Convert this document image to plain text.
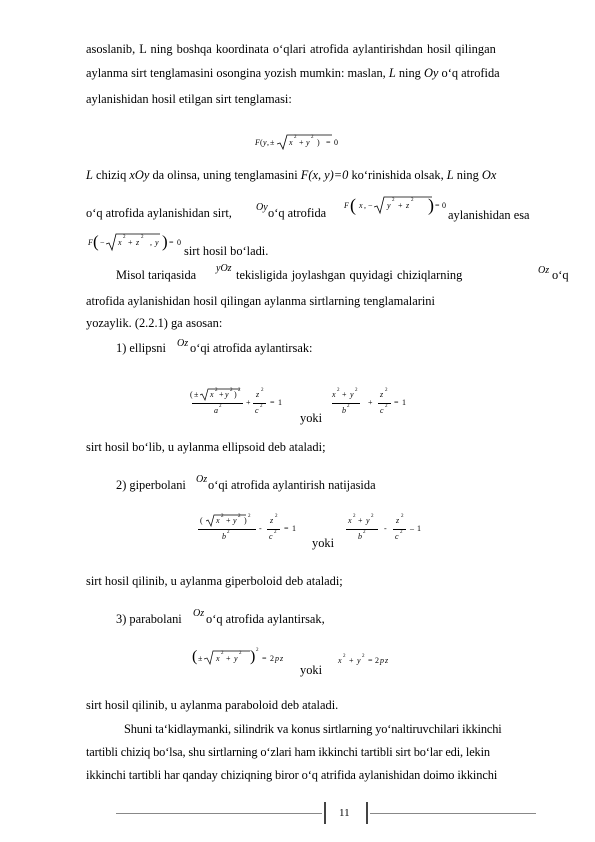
asoslanib, L ning boshqa koordinata o‘qlari atrofida aylantirishdan hosil qilingan
aylanma sirt tenglamasini osongina yozish mumkin: maslan, L ning Oy o‘q atrofida
aylanishidan hosil etilgan sirt tenglamasi:
F ( y , ± x
2
+ y
2
) = 0
L chiziq xOy da olinsa, uning tenglamasini F(x, y)=0 ko‘rinishida olsak, L ning Ox
o‘q atrofida aylanishidan sirt, Oy o‘q atrofida
F ( x , − y
2
+ z
2 ) = 0
aylanishidan esa
F ( − x
2
+ z
2
, y ) = 0
sirt hosil bo‘ladi.
Misol tariqasida yOz tekisligida joylashgan quyidagi chiziqlarning	Oz o‘q
atrofida aylanishidan hosil qilingan aylanma sirtlarning tenglamalarini
yozaylik. (2.2.1) ga asosan:
1) ellipsni Oz o‘qi atrofida aylantirsak:
( ± x 2 + y 2 ) 2
a 2	+
z 2
c 2 = 1
yoki
x 2 + y 2
b 2 +
z 2
c 2 = 1
sirt hosil bo‘lib, u aylanma ellipsoid deb ataladi;
2) giperbolani Oz o‘qi atrofida aylantirish natijasida
( x 2 + y 2 ) 2
b 2	-
z 2
c 2 = 1
yoki
x 2 + y 2
b 2 -
z 2
c 2 – 1
sirt hosil qilinib, u aylanma giperboloid deb ataladi;
3) parabolani Oz o‘q atrofida aylantirsak,
( ± x
2
+ y
2 ) 2
= 2 p z
yoki
x 2 + y 2 = 2 p z
sirt hosil qilinib, u aylanma paraboloid deb ataladi.
Shuni ta‘kidlaymanki, silindrik va konus sirtlarning yo‘naltiruvchilari ikkinchi
tartibli chiziq bo‘lsa, shu sirtlarning o‘zlari ham ikkinchi tartibli sirt bo‘lar edi, lekin
ikkinchi tartibli har qanday chiziqning biror o‘q atrifida aylanishidan doimo ikkinchi
11
